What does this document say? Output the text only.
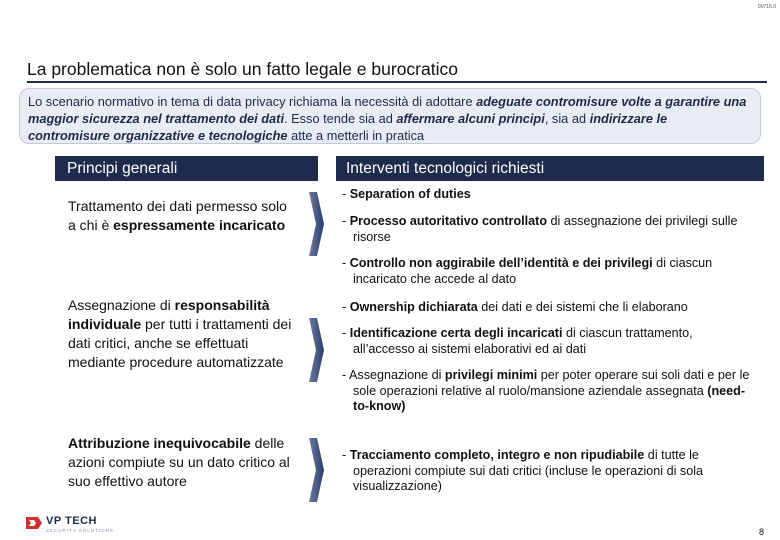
00715.0
La problematica non è solo un fatto legale e burocratico
Lo scenario normativo in tema di data privacy richiama la necessità di adottare adeguate contromisure volte a garantire una maggior sicurezza nel trattamento dei dati. Esso tende sia ad affermare alcuni principi, sia ad indirizzare le contromisure organizzative e tecnologiche atte a metterli in pratica
Principi generali	Interventi tecnologici richiesti
Trattamento dei dati permesso solo a chi è espressamente incaricato
Assegnazione di responsabilità individuale per tutti i trattamenti dei dati critici, anche se effettuati mediante procedure automatizzate
Attribuzione inequivocabile delle azioni compiute su un dato critico al suo effettivo autore
- Separation of duties
- Processo autoritativo controllato di assegnazione dei privilegi sulle risorse
- Controllo non aggirabile dell’identità e dei privilegi di ciascun incaricato che accede al dato
- Ownership dichiarata dei dati e dei sistemi che li elaborano
- Identificazione certa degli incaricati di ciascun trattamento, all’accesso ai sistemi elaborativi ed ai dati
- Assegnazione di privilegi minimi per poter operare sui soli dati e per le sole operazioni relative al ruolo/mansione aziendale assegnata (need-to-know)
- Tracciamento completo, integro e non ripudiabile di tutte le operazioni compiute sui dati critici (incluse le operazioni di sola visualizzazione)
VP TECH
SECURITY SOLUTIONS	8
